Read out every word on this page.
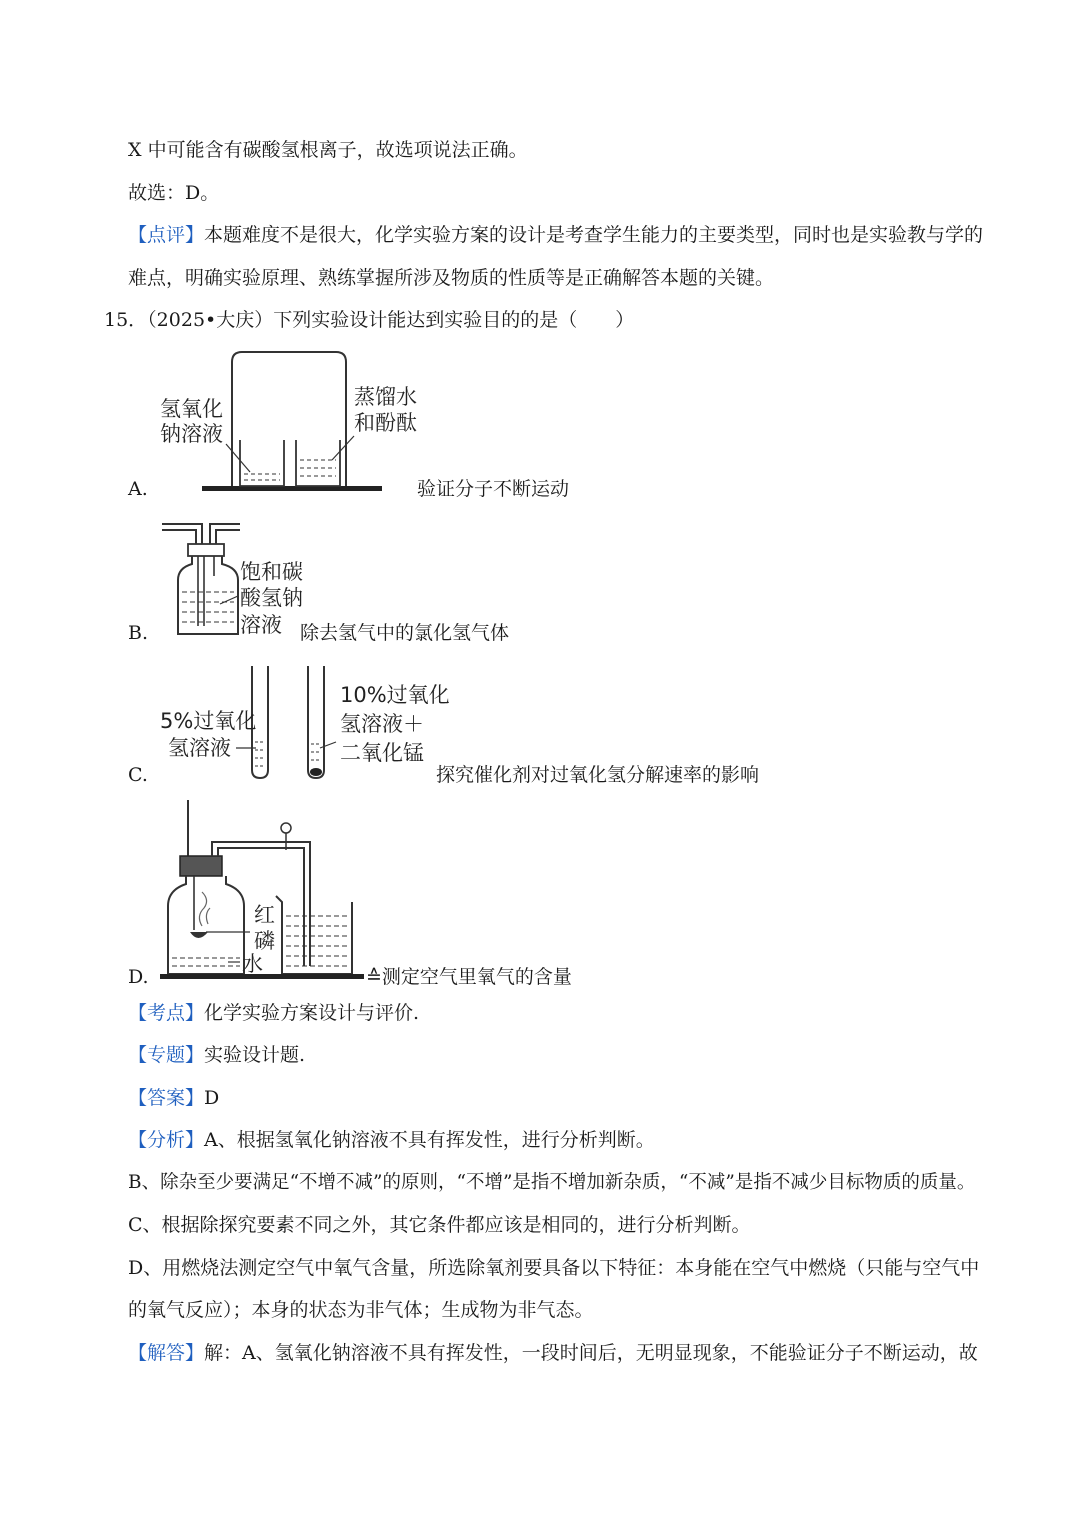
X 中可能含有碳酸氢根离子，故选项说法正确。
故选：D。
【点评】本题难度不是很大，化学实验方案的设计是考查学生能力的主要类型，同时也是实验教与学的
难点，明确实验原理、熟练掌握所涉及物质的性质等是正确解答本题的关键。
15．（2025•大庆）下列实验设计能达到实验目的的是（　　）
A.
氢氧化
钠溶液
蒸馏水
和酚酞
验证分子不断运动
B.
饱和碳
酸氢钠
溶液 除去氢气中的氯化氢气体
C.
5%过氧化
氢溶液
10%过氧化
氢溶液＋
二氧化锰
探究催化剂对过氧化氢分解速率的影响
D.
红
磷
水
≙测定空气里氧气的含量
【考点】化学实验方案设计与评价.
【专题】实验设计题.
【答案】D
【分析】A、根据氢氧化钠溶液不具有挥发性，进行分析判断。
B、除杂至少要满足“不增不减”的原则，“不增”是指不增加新杂质，“不减”是指不减少目标物质的质量。
C、根据除探究要素不同之外，其它条件都应该是相同的，进行分析判断。
D、用燃烧法测定空气中氧气含量，所选除氧剂要具备以下特征：本身能在空气中燃烧（只能与空气中
的氧气反应）；本身的状态为非气体；生成物为非气态。
【解答】解：A、氢氧化钠溶液不具有挥发性，一段时间后，无明显现象，不能验证分子不断运动，故
